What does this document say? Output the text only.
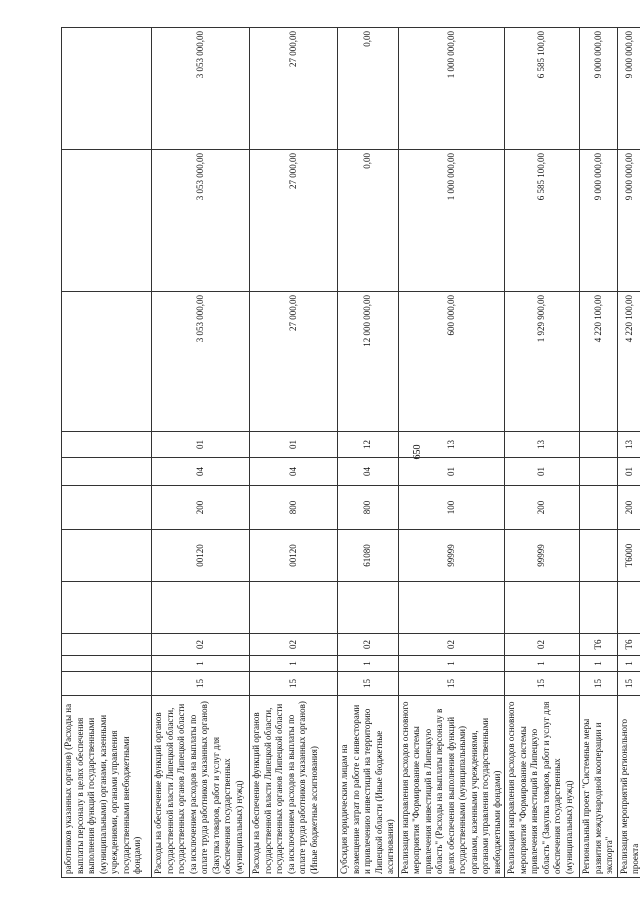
650
работников указанных органов) (Расходы на выплаты персоналу в целях обеспечения выполнения функций государственными (муниципальными) органами, казенными учреждениями, органами управления государственными внебюджетными фондами)											
Расходы на обеспечение функций органов государственной власти Липецкой области, государственных органов Липецкой области (за исключением расходов на выплаты по оплате труда работников указанных органов) (Закупка товаров, работ и услуг для обеспечения государственных (муниципальных) нужд)	15	1	02		00120	200	04	01	3 053 000,00	3 053 000,00	3 053 000,00
Расходы на обеспечение функций органов государственной власти Липецкой области, государственных органов Липецкой области (за исключением расходов на выплаты по оплате труда работников указанных органов) (Иные бюджетные ассигнования)	15	1	02		00120	800	04	01	27 000,00	27 000,00	27 000,00
Субсидия юридическим лицам на возмещение затрат по работе с инвесторами и привлечению инвестиций на территорию Липецкой области (Иные бюджетные ассигнования)	15	1	02		61080	800	04	12	12 000 000,00	0,00	0,00
Реализация направления расходов основного мероприятия "Формирование системы привлечения инвестиций в Липецкую область" (Расходы на выплаты персоналу в целях обеспечения выполнения функций государственными (муниципальными) органами, казенными учреждениями, органами управления государственными внебюджетными фондами)	15	1	02		99999	100	01	13	600 000,00	1 000 000,00	1 000 000,00
Реализация направления расходов основного мероприятия "Формирование системы привлечения инвестиций в Липецкую область" (Закупка товаров, работ и услуг для обеспечения государственных (муниципальных) нужд)	15	1	02		99999	200	01	13	1 929 900,00	6 585 100,00	6 585 100,00
Региональный проект "Системные меры развития международной кооперации и экспорта"	15	1	T6						4 220 100,00	9 000 000,00	9 000 000,00
Реализация мероприятий регионального проекта	15	1	T6		T6000	200	01	13	4 220 100,00	9 000 000,00	9 000 000,00
